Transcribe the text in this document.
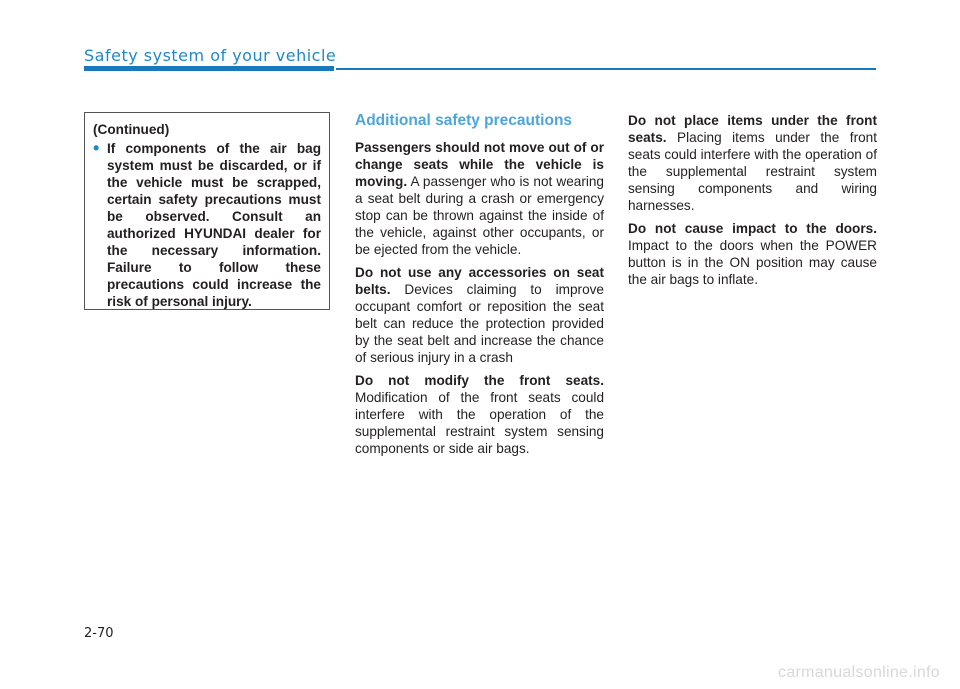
Safety system of your vehicle
(Continued)
• If components of the air bag system must be discarded, or if the vehicle must be scrapped, certain safety precautions must be observed. Consult an authorized HYUNDAI dealer for the necessary information. Failure to follow these precautions could increase the risk of personal injury.
Additional safety precautions

Passengers should not move out of or change seats while the vehicle is moving. A passenger who is not wearing a seat belt during a crash or emergency stop can be thrown against the inside of the vehicle, against other occupants, or be ejected from the vehicle.

Do not use any accessories on seat belts. Devices claiming to improve occupant comfort or reposition the seat belt can reduce the protection provided by the seat belt and increase the chance of serious injury in a crash

Do not modify the front seats. Modification of the front seats could interfere with the operation of the supplemental restraint system sensing components or side air bags.

Do not place items under the front seats. Placing items under the front seats could interfere with the operation of the supplemental restraint system sensing components and wiring harnesses.

Do not cause impact to the doors. Impact to the doors when the POWER button is in the ON position may cause the air bags to inflate.

2-70
carmanualsonline.info
